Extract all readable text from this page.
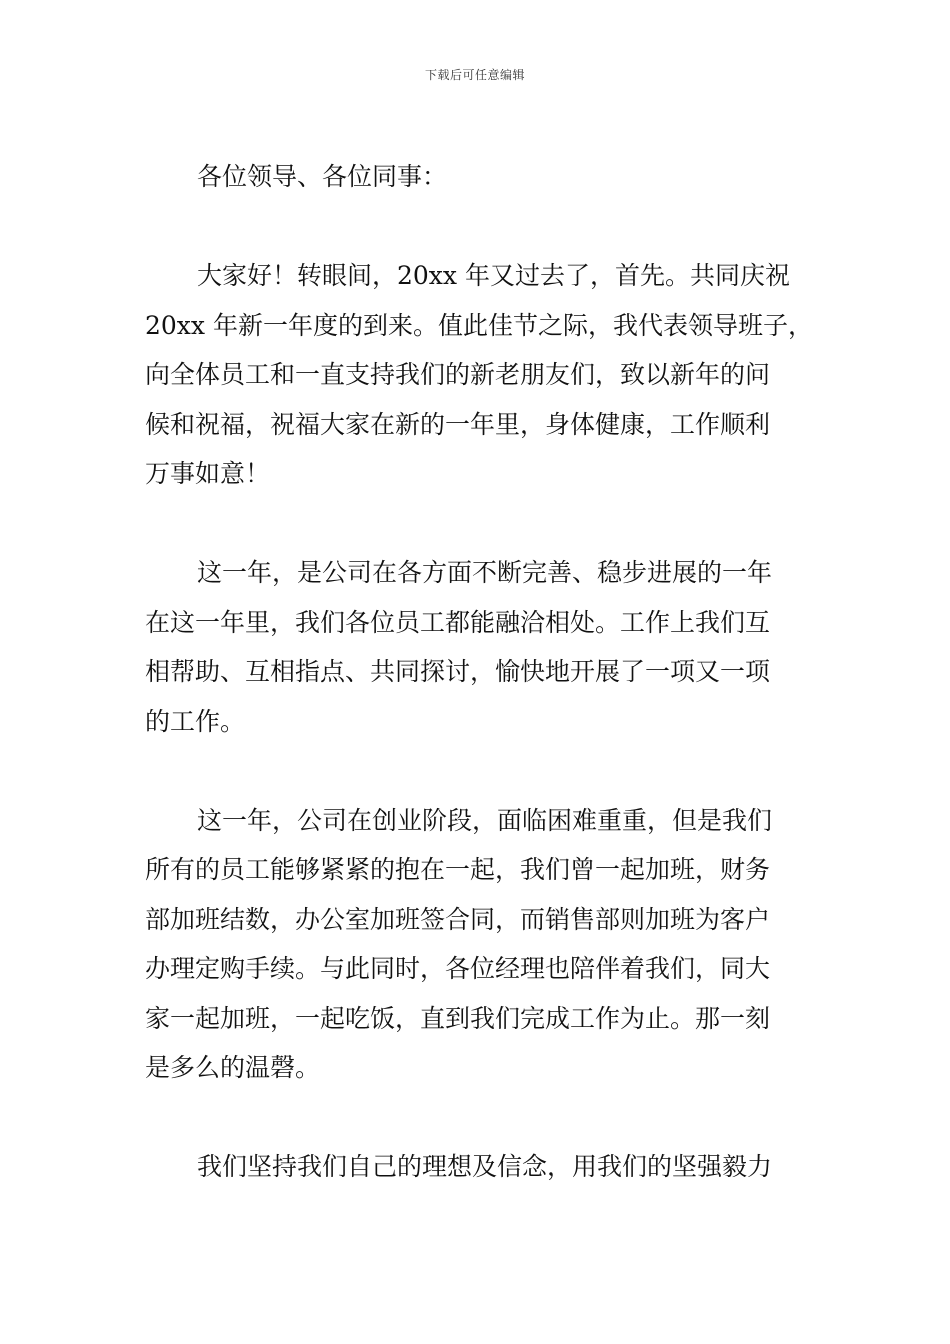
下载后可任意编辑
各位领导、各位同事：
大家好！转眼间，20xx 年又过去了，首先。共同庆祝
20xx 年新一年度的到来。值此佳节之际，我代表领导班子，
向全体员工和一直支持我们的新老朋友们，致以新年的问
候和祝福，祝福大家在新的一年里，身体健康，工作顺利
万事如意！
这一年，是公司在各方面不断完善、稳步进展的一年
在这一年里，我们各位员工都能融洽相处。工作上我们互
相帮助、互相指点、共同探讨，愉快地开展了一项又一项
的工作。
这一年，公司在创业阶段，面临困难重重，但是我们
所有的员工能够紧紧的抱在一起，我们曾一起加班，财务
部加班结数，办公室加班签合同，而销售部则加班为客户
办理定购手续。与此同时，各位经理也陪伴着我们，同大
家一起加班，一起吃饭，直到我们完成工作为止。那一刻
是多么的温磬。
我们坚持我们自己的理想及信念，用我们的坚强毅力
